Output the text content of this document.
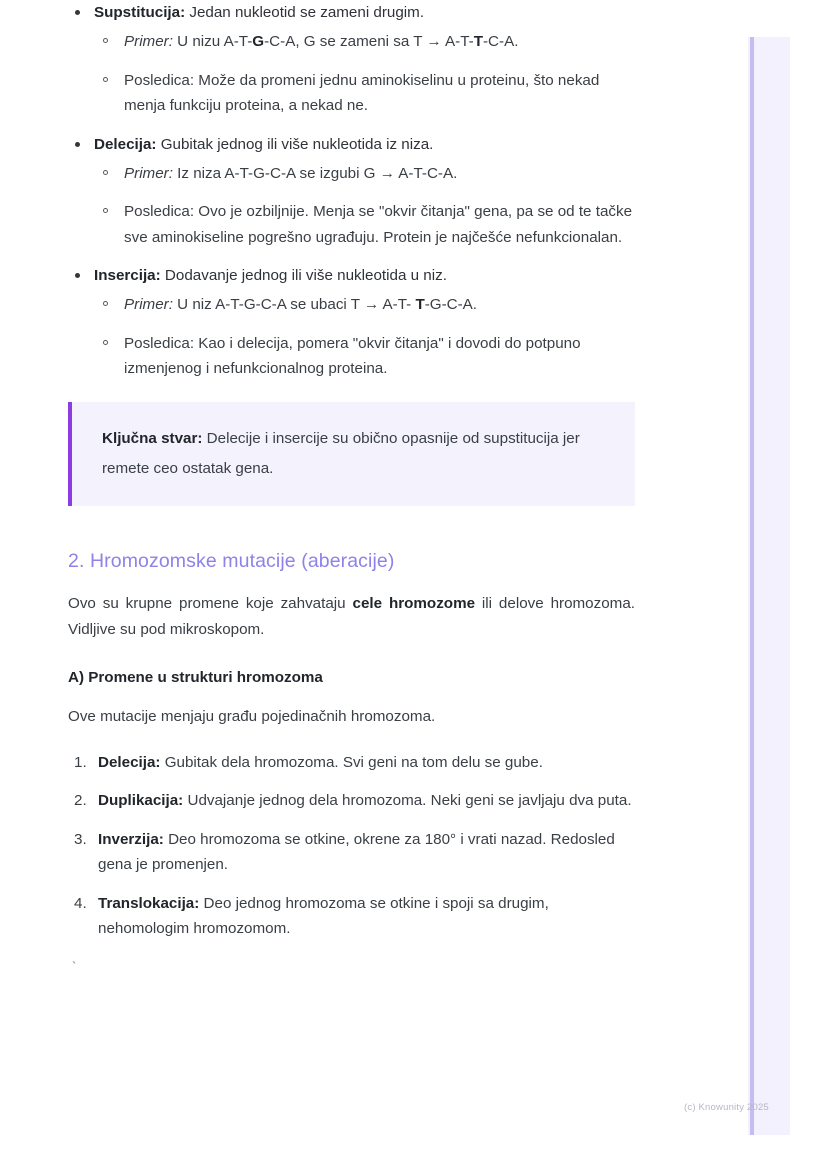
Supstitucija: Jedan nukleotid se zameni drugim.
Primer: U nizu A-T-G-C-A, G se zameni sa T → A-T-T-C-A.
Posledica: Može da promeni jednu aminokiselinu u proteinu, što nekad menja funkciju proteina, a nekad ne.
Delecija: Gubitak jednog ili više nukleotida iz niza.
Primer: Iz niza A-T-G-C-A se izgubi G → A-T-C-A.
Posledica: Ovo je ozbiljnije. Menja se "okvir čitanja" gena, pa se od te tačke sve aminokiseline pogrešno ugrađuju. Protein je najčešće nefunkcionalan.
Insercija: Dodavanje jednog ili više nukleotida u niz.
Primer: U niz A-T-G-C-A se ubaci T → A-T- T-G-C-A.
Posledica: Kao i delecija, pomera "okvir čitanja" i dovodi do potpuno izmenjenog i nefunkcionalnog proteina.

Ključna stvar: Delecije i insercije su obično opasnije od supstitucija jer remete ceo ostatak gena.

2. Hromozomske mutacije (aberacije)

Ovo su krupne promene koje zahvataju cele hromozome ili delove hromozoma. Vidljive su pod mikroskopom.

A) Promene u strukturi hromozoma

Ove mutacije menjaju građu pojedinačnih hromozoma.

Delecija: Gubitak dela hromozoma. Svi geni na tom delu se gube.
Duplikacija: Udvajanje jednog dela hromozoma. Neki geni se javljaju dva puta.
Inverzija: Deo hromozoma se otkine, okrene za 180° i vrati nazad. Redosled gena je promenjen.
Translokacija: Deo jednog hromozoma se otkine i spoji sa drugim, nehomologim hromozomom.
`
(c) Knowunity 2025
